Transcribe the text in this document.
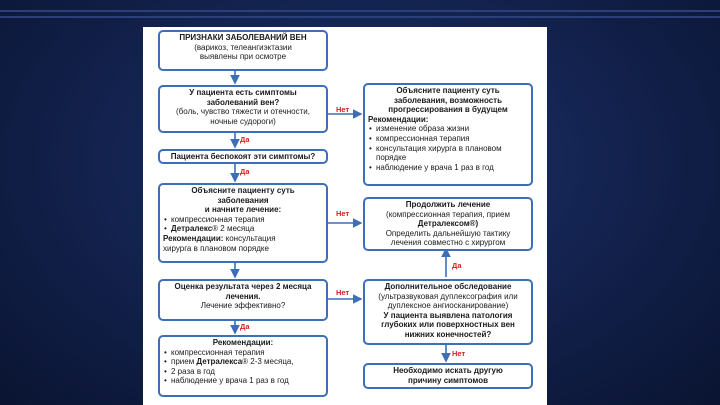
ПРИЗНАКИ ЗАБОЛЕВАНИЙ ВЕН
(варикоз, телеангиэктазии
выявлены при осмотре
У пациента есть симптомы
заболеваний вен?
(боль, чувство тяжести и отечности,
ночные судороги)
Объясните пациенту суть
заболевания, возможность
прогрессирования в будущем
Рекомендации:
• изменение образа жизни
• компрессионная терапия
• консультация хирурга в плановом порядке
• наблюдение у врача 1 раз в год
Пациента беспокоят эти симптомы?
Объясните пациенту суть
заболевания
и начните лечение:
• компрессионная терапия
• Детралекс® 2 месяца
Рекомендации: консультация
хирурга в плановом порядке
Продолжить лечение
(компрессионная терапия, прием
Детралексом®)
Определить дальнейшую тактику
лечения совместно с хирургом
Оценка результата через 2 месяца
лечения.
Лечение эффективно?
Дополнительное обследование
(ультразвуковая дуплексография или
дуплексное ангиосканирование)
У пациента выявлена патология
глубоких или поверхностных вен
нижних конечностей?
Рекомендации:
• компрессионная терапия
• прием Детралекса® 2-3 месяца,
• 2 раза в год
• наблюдение у врача 1 раз в год
Необходимо искать другую
причину симптомов
Нет
Да
Да
Нет
Да
Нет
Да
Нет
